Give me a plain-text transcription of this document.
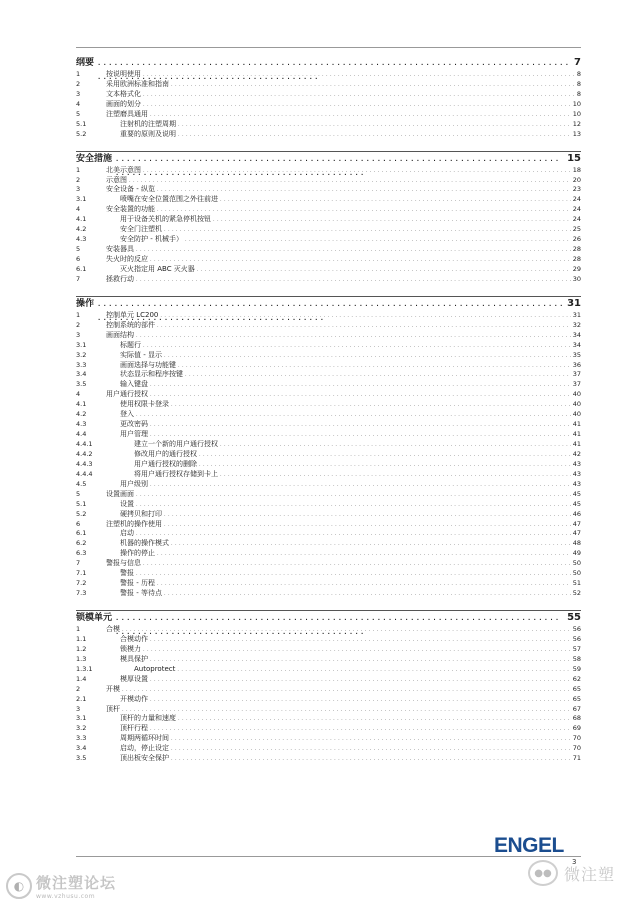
纲要 . . .	7
1	按说明使用 . . .	8
2	采用欧洲标准和指南 . . .	8
3	文本格式化 . . .	8
4	画面的划分 . . .	10
5	注塑磨具通用 . . .	10
5.1	注射机的注塑周期 . . .	12
5.2	重要的原则及说明 . . .	13
安全措施 . . .	15
1	北美示意图 . . .	18
2	示意图 . . .	20
3	安全设备 - 纵览 . . .	23
3.1	喷嘴在安全位置范围之外往前进 . . .	24
4	安全装置的功能 . . .	24
4.1	用于设备关机的紧急停机按钮 . . .	24
4.2	安全门注塑机 . . .	25
4.3	安全防护 - 机械手） . . .	26
5	安装器具 . . .	28
6	失火时的反应 . . .	28
6.1	灭火指定用 ABC 灭火器 . . .	29
7	拯救行动 . . .	30
操作 . . .	31
1	控制单元 LC200 . . .	31
2	控制系统的部件 . . .	32
3	画面结构 . . .	34
3.1	标题行 . . .	34
3.2	实际值 - 显示 . . .	35
3.3	画面选择与功能键 . . .	36
3.4	状态显示和程序按键 . . .	37
3.5	输入键盘 . . .	37
4	用户通行授权 . . .	40
4.1	使用权限卡登录 . . .	40
4.2	登入 . . .	40
4.3	更改密码 . . .	41
4.4	用户管理 . . .	41
4.4.1	建立一个新的用户通行授权 . . .	41
4.4.2	修改用户的通行授权 . . .	42
4.4.3	用户通行授权的删除 . . .	43
4.4.4	将用户通行授权存储到卡上 . . .	43
4.5	用户级别 . . .	43
5	设置画面 . . .	45
5.1	设置 . . .	45
5.2	硬拷贝和打印 . . .	46
6	注塑机的操作使用 . . .	47
6.1	启动 . . .	47
6.2	机器的操作模式 . . .	48
6.3	操作的停止 . . .	49
7	警报与信息 . . .	50
7.1	警报 . . .	50
7.2	警报 - 历程 . . .	51
7.3	警报 - 等待点 . . .	52
锁模单元 . . .	55
1	合模 . . .	56
1.1	合模动作 . . .	56
1.2	锁模力 . . .	57
1.3	模具保护 . . .	58
1.3.1	Autoprotect . . .	59
1.4	模厚设置 . . .	62
2	开模 . . .	65
2.1	开模动作 . . .	65
3	顶杆 . . .	67
3.1	顶杆的力量和速度 . . .	68
3.2	顶杆行程 . . .	69
3.3	周期两循环时间 . . .	70
3.4	启动，停止设定 . . .	70
3.5	顶出板安全保护 . . .	71
ENGEL
3
◐ 微注塑论坛
www.vzhusu.com
●● 微注塑
